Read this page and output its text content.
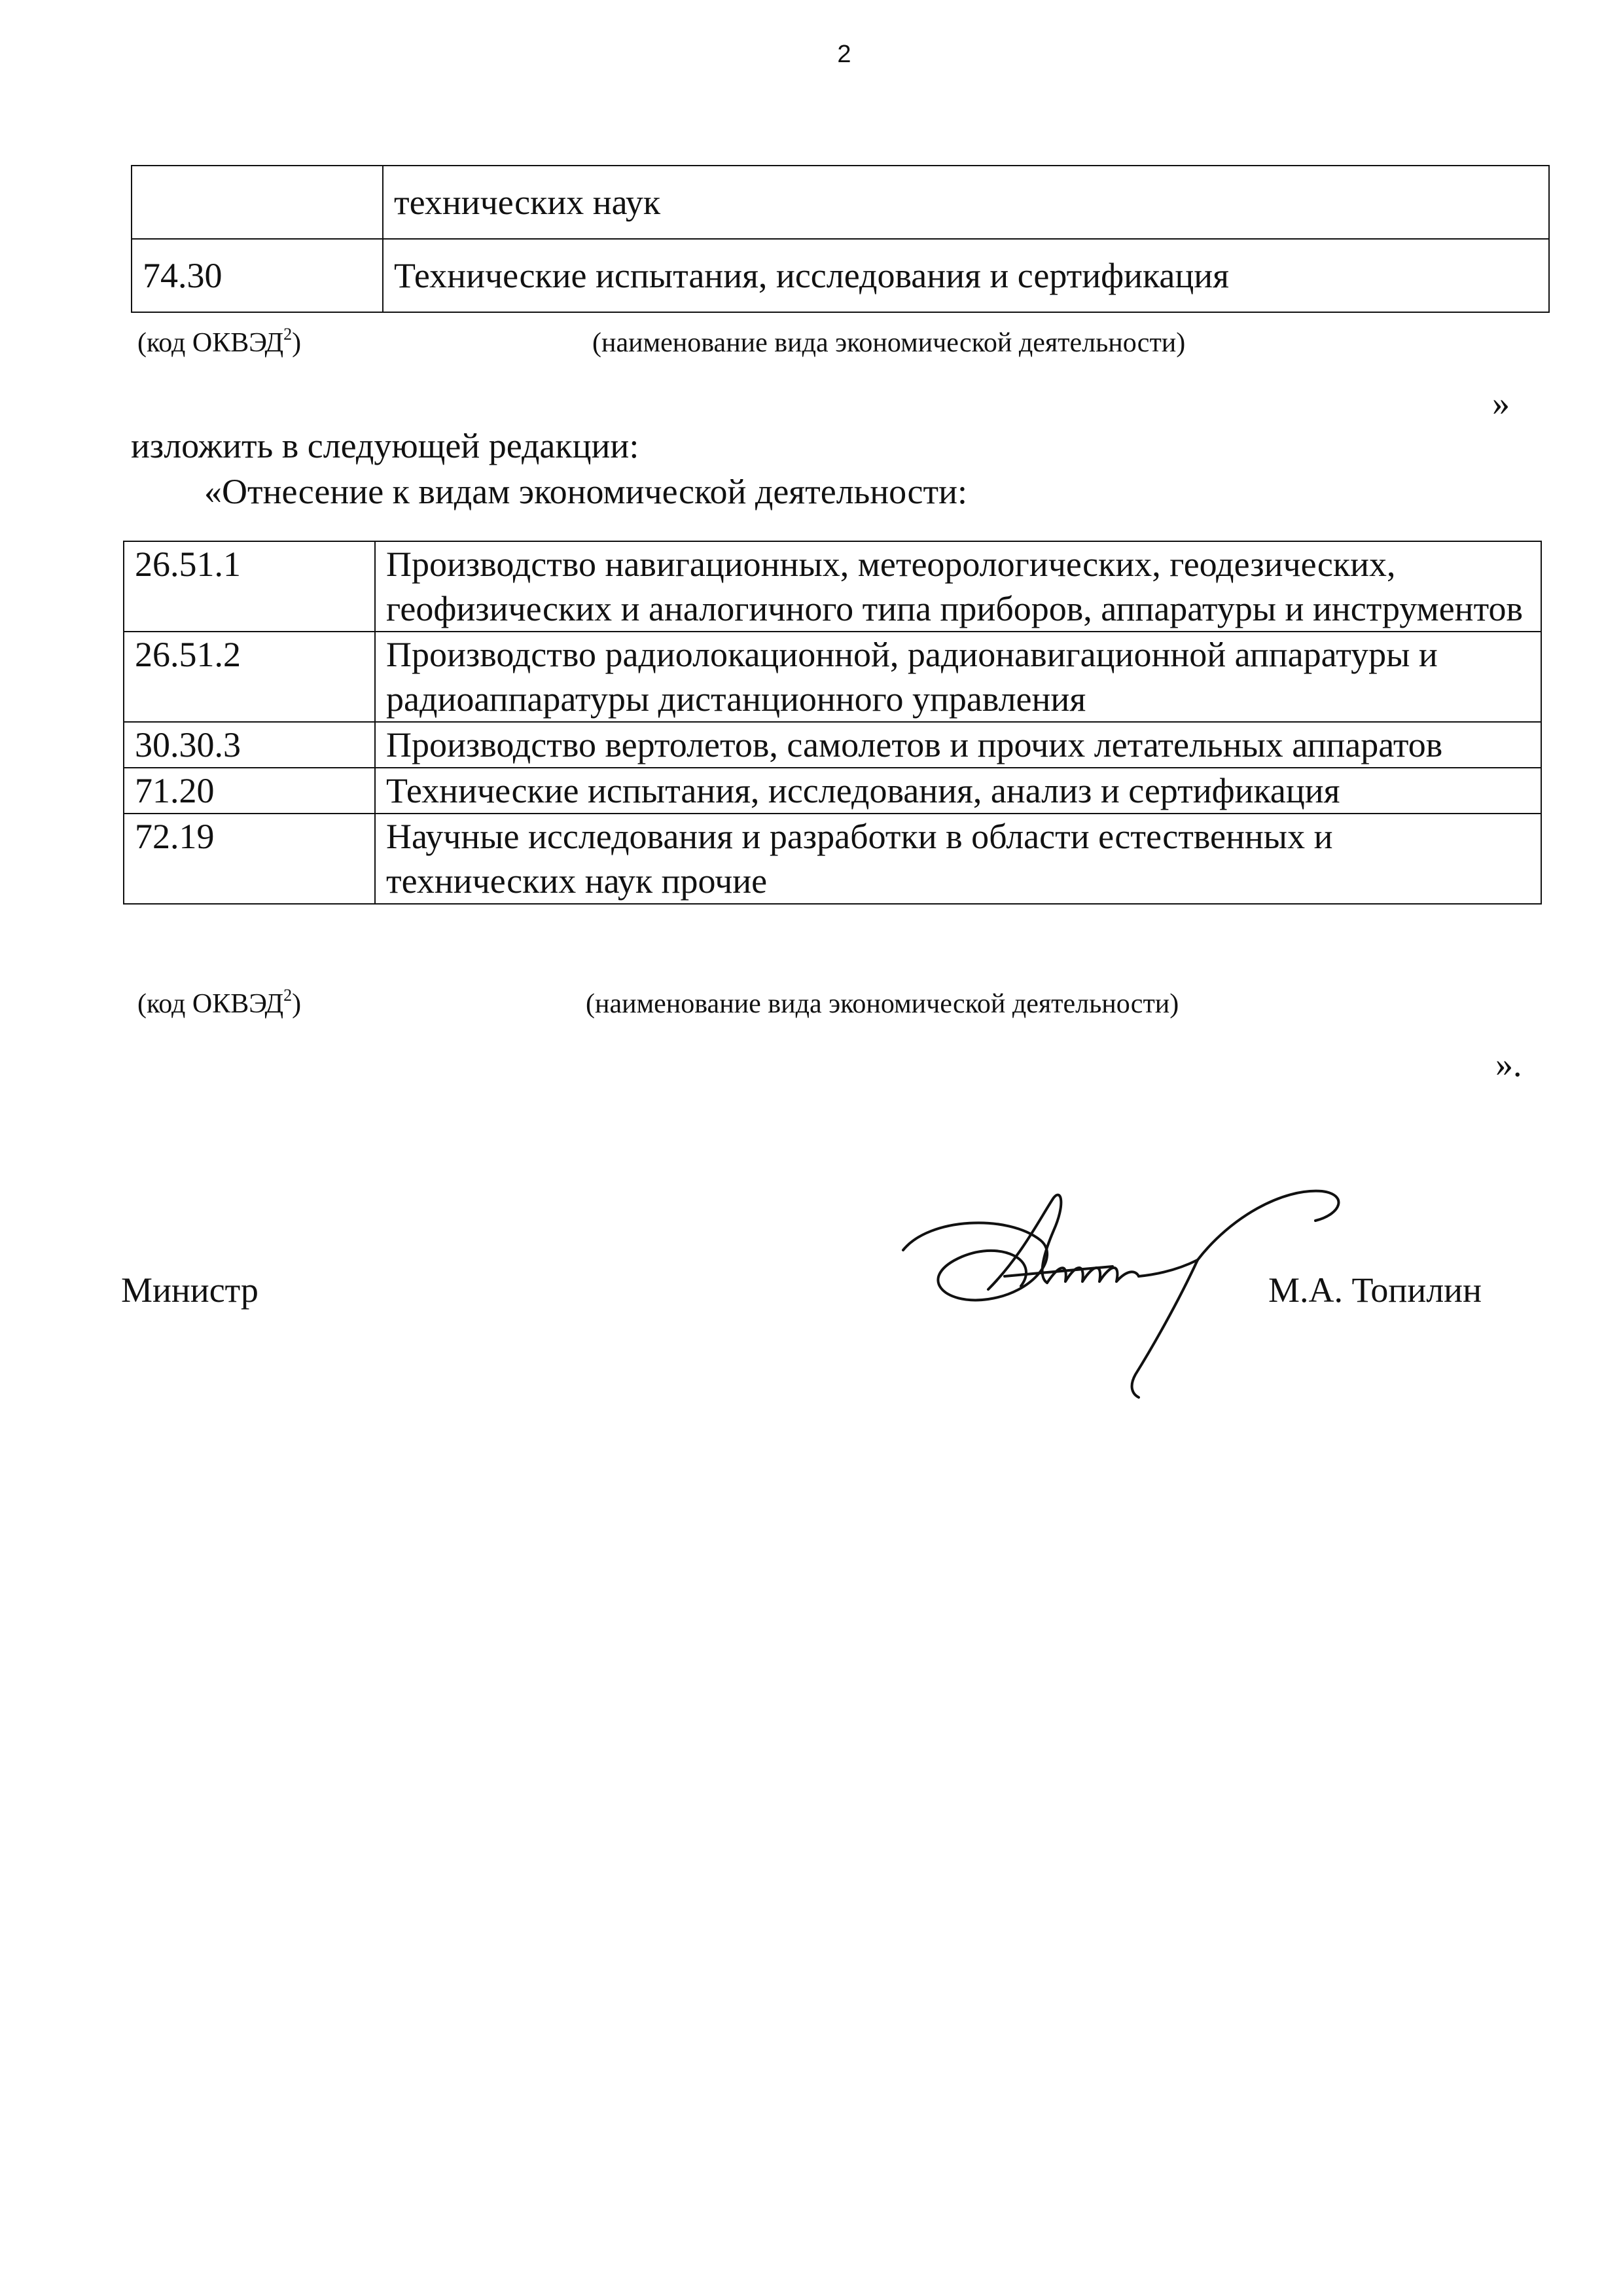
2
	технических наук
74.30	Технические испытания, исследования и сертификация
(код ОКВЭД$^2$)	(наименование вида экономической деятельности)
»
изложить в следующей редакции:
«Отнесение к видам экономической деятельности:
26.51.1	Производство навигационных, метеорологических, геодезических, геофизических и аналогичного типа приборов, аппаратуры и инструментов
26.51.2	Производство радиолокационной, радионавигационной аппаратуры и радиоаппаратуры дистанционного управления
30.30.3	Производство вертолетов, самолетов и прочих летательных аппаратов
71.20	Технические испытания, исследования, анализ и сертификация
72.19	Научные исследования и разработки в области естественных и технических наук прочие
(код ОКВЭД$^2$)	(наименование вида экономической деятельности)
».
Министр	М.А. Топилин
